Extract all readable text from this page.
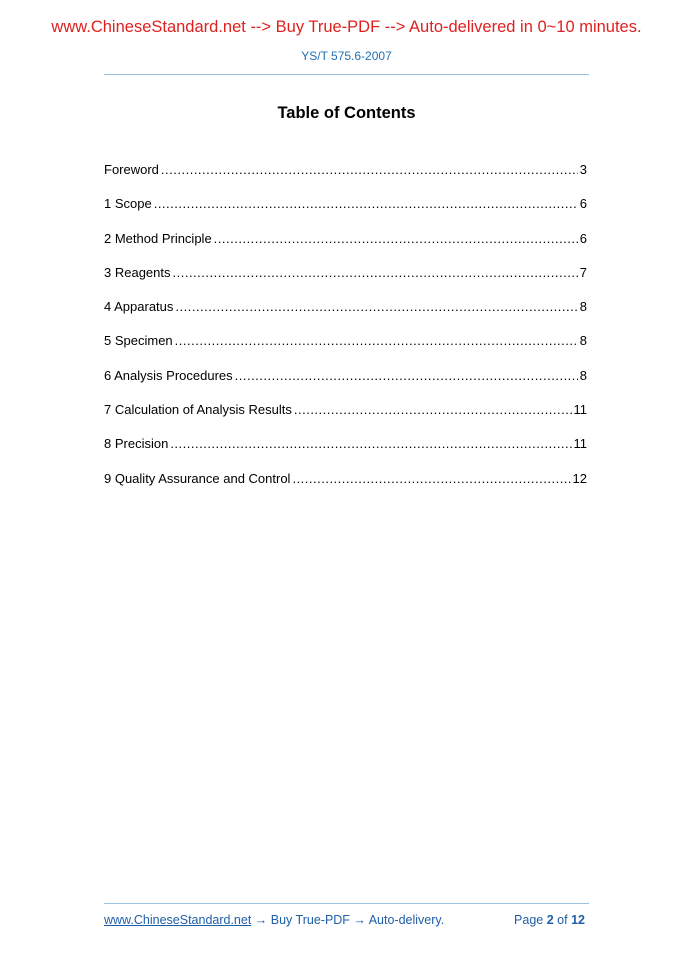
www.ChineseStandard.net --> Buy True-PDF --> Auto-delivered in 0~10 minutes.
YS/T 575.6-2007
Table of Contents
Foreword .....	3
1 Scope .....	6
2 Method Principle .....	6
3 Reagents .....	7
4 Apparatus .....	8
5 Specimen .....	8
6 Analysis Procedures .....	8
7 Calculation of Analysis Results .....	11
8 Precision .....	11
9 Quality Assurance and Control .....	12
www.ChineseStandard.net → Buy True-PDF → Auto-delivery.	Page 2 of 12
